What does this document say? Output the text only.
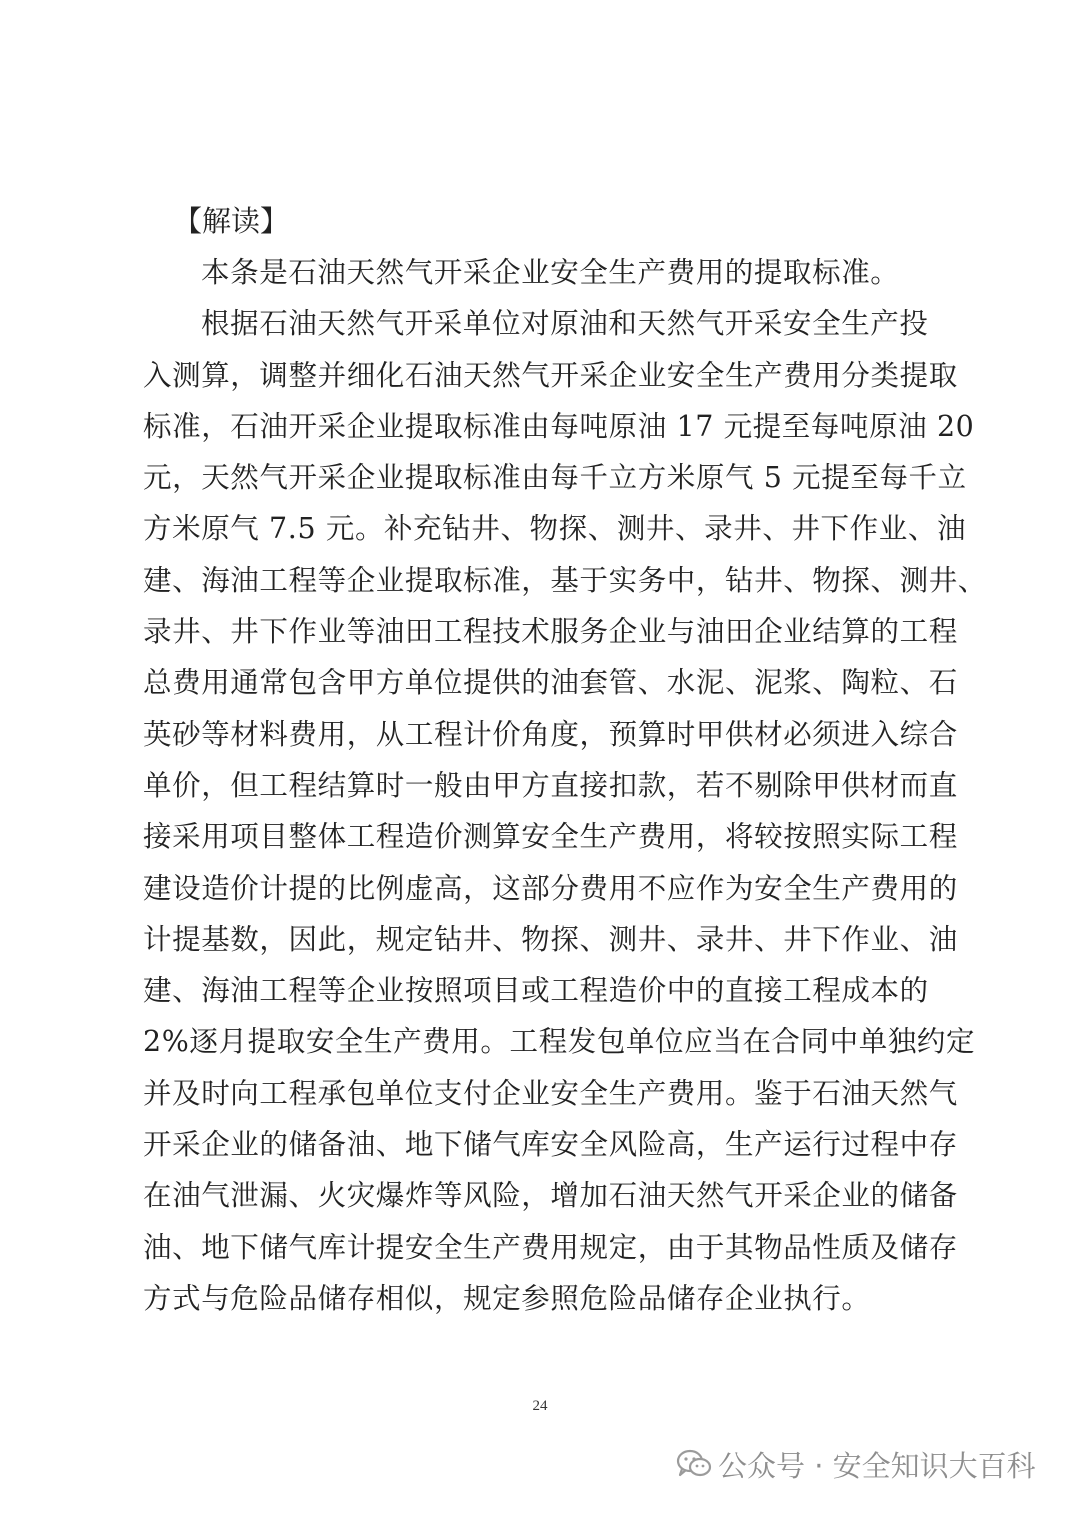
【解读】
本条是石油天然气开采企业安全生产费用的提取标准。
根据石油天然气开采单位对原油和天然气开采安全生产投
入测算，调整并细化石油天然气开采企业安全生产费用分类提取
标准，石油开采企业提取标准由每吨原油 17 元提至每吨原油 20
元，天然气开采企业提取标准由每千立方米原气 5 元提至每千立
方米原气 7.5 元。补充钻井、物探、测井、录井、井下作业、油
建、海油工程等企业提取标准，基于实务中，钻井、物探、测井、
录井、井下作业等油田工程技术服务企业与油田企业结算的工程
总费用通常包含甲方单位提供的油套管、水泥、泥浆、陶粒、石
英砂等材料费用，从工程计价角度，预算时甲供材必须进入综合
单价，但工程结算时一般由甲方直接扣款，若不剔除甲供材而直
接采用项目整体工程造价测算安全生产费用，将较按照实际工程
建设造价计提的比例虚高，这部分费用不应作为安全生产费用的
计提基数，因此，规定钻井、物探、测井、录井、井下作业、油
建、海油工程等企业按照项目或工程造价中的直接工程成本的
2%逐月提取安全生产费用。工程发包单位应当在合同中单独约定
并及时向工程承包单位支付企业安全生产费用。鉴于石油天然气
开采企业的储备油、地下储气库安全风险高，生产运行过程中存
在油气泄漏、火灾爆炸等风险，增加石油天然气开采企业的储备
油、地下储气库计提安全生产费用规定，由于其物品性质及储存
方式与危险品储存相似，规定参照危险品储存企业执行。
24
公众号 · 安全知识大百科
